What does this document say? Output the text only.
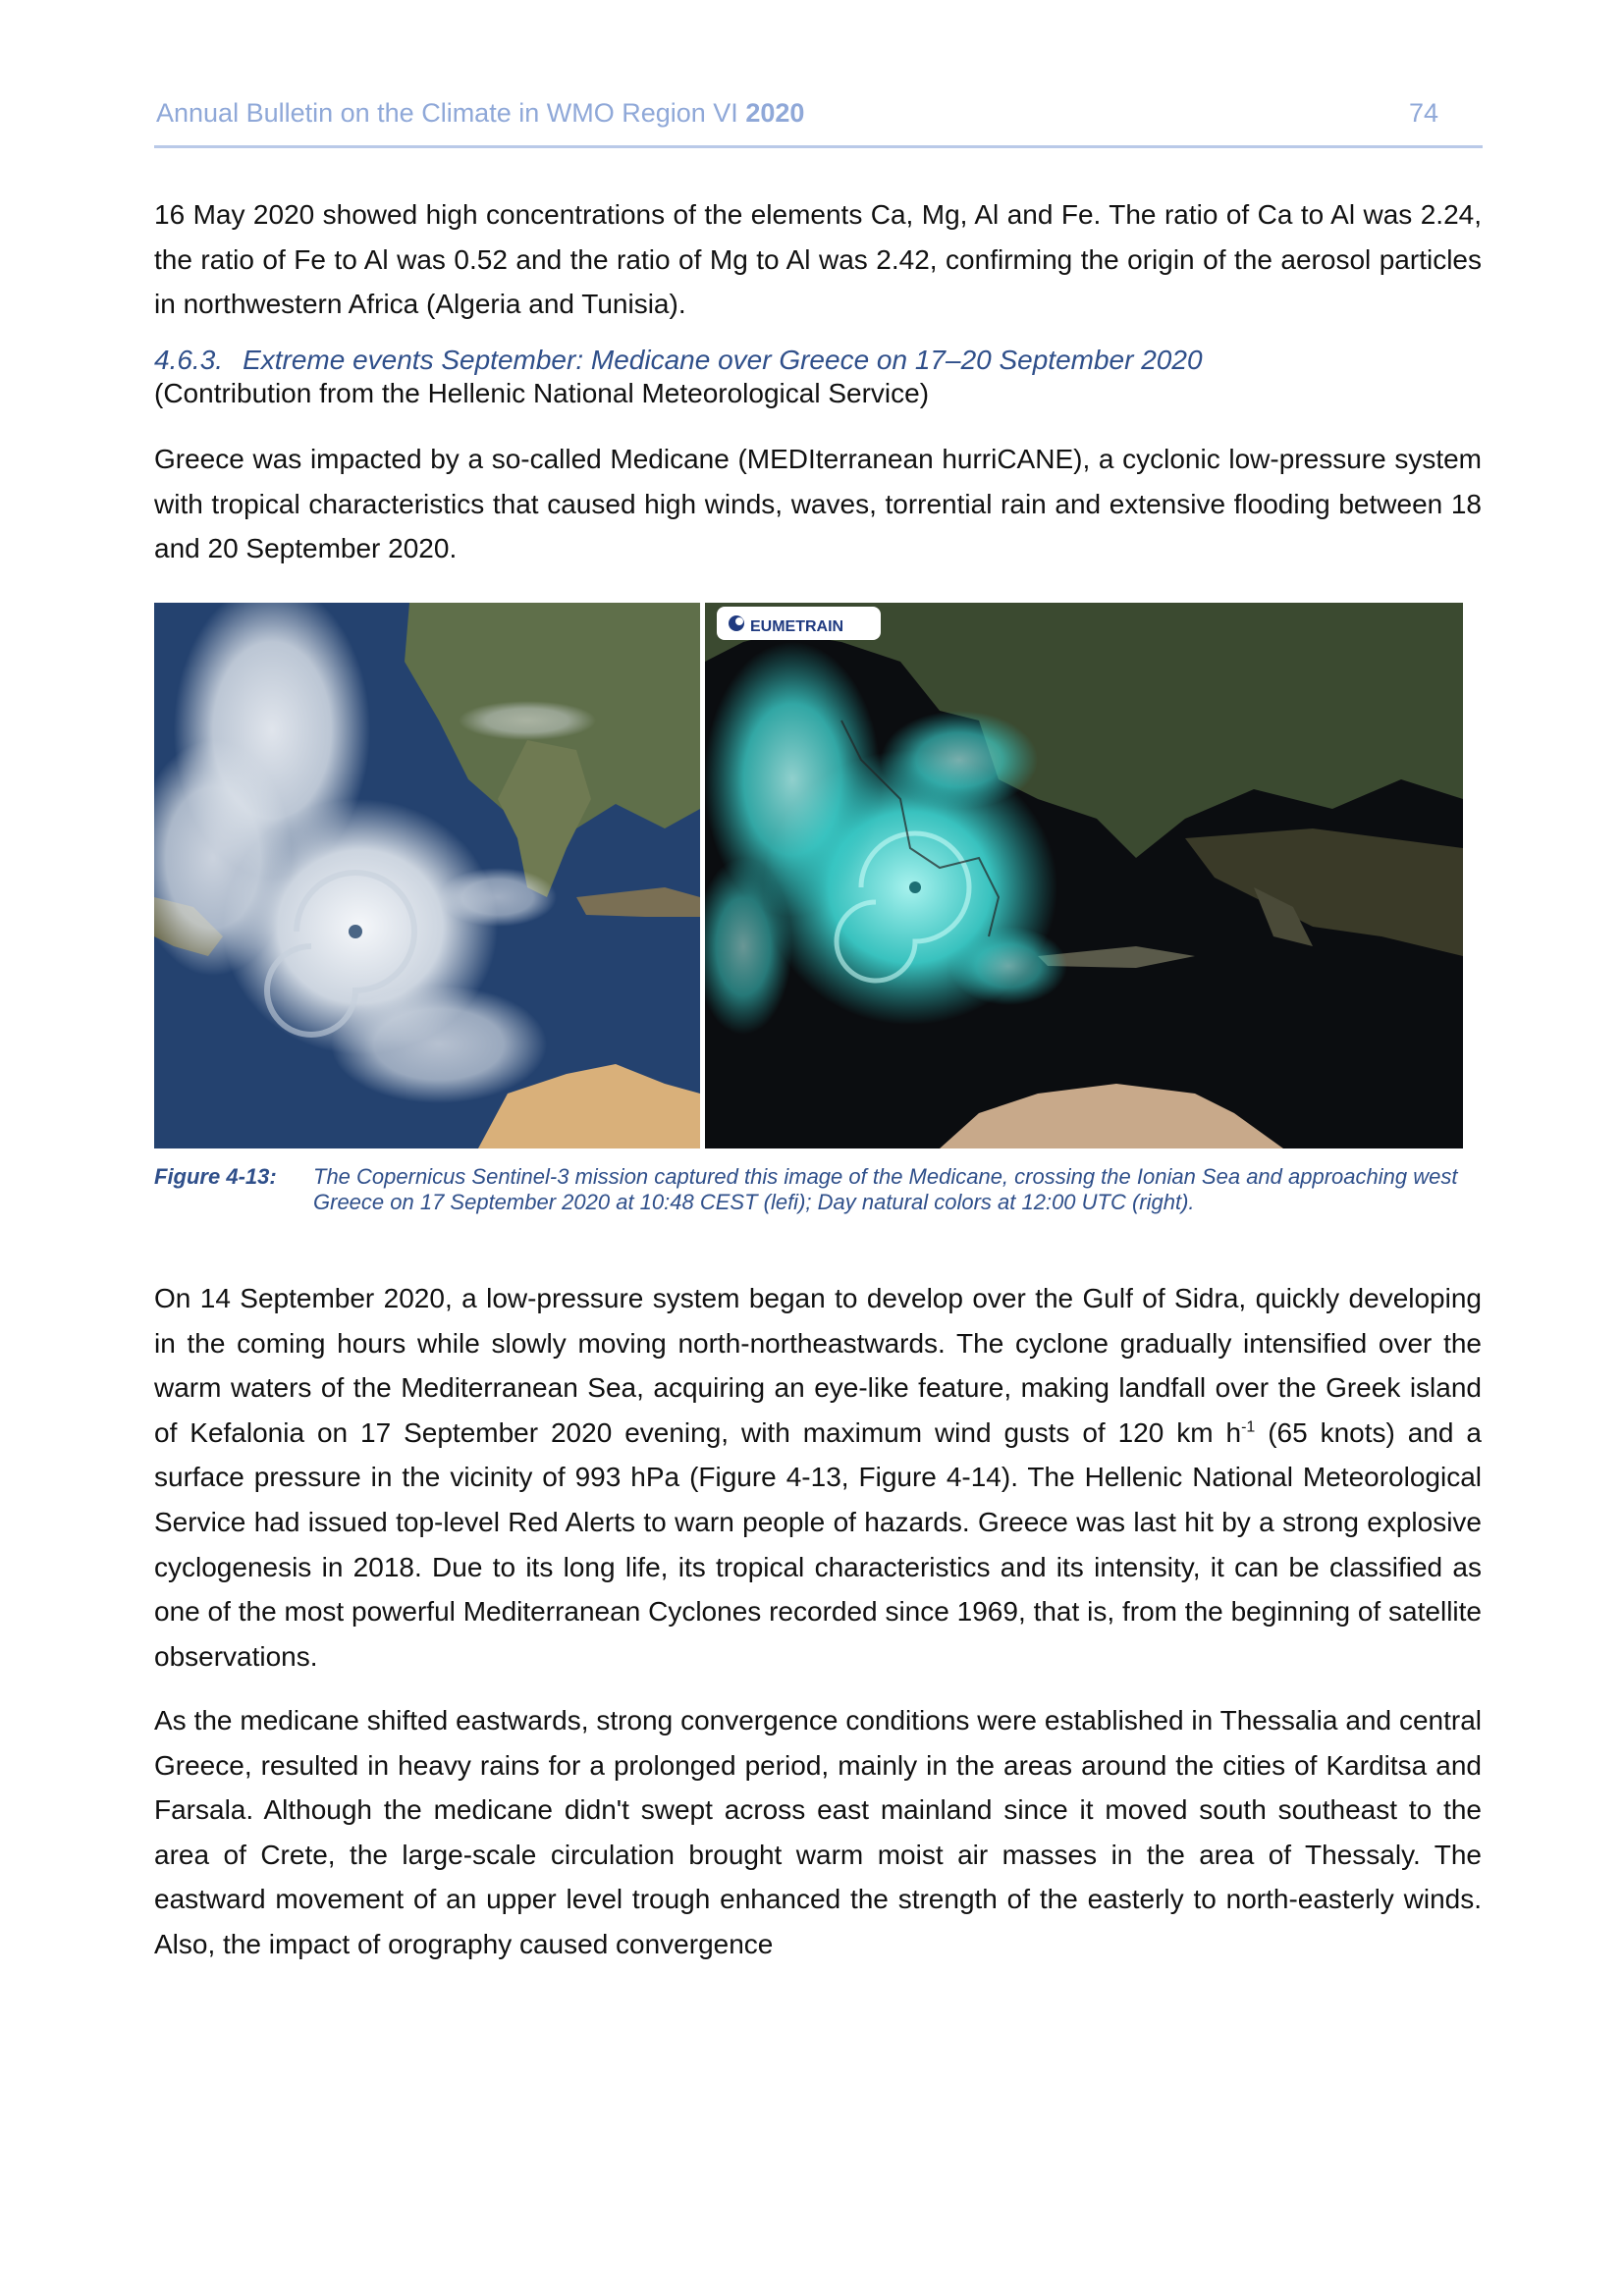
Annual Bulletin on the Climate in WMO Region VI 2020	74

16 May 2020 showed high concentrations of the elements Ca, Mg, Al and Fe. The ratio of Ca to Al was 2.24, the ratio of Fe to Al was 0.52 and the ratio of Mg to Al was 2.42, confirming the origin of the aerosol particles in northwestern Africa (Algeria and Tunisia).

4.6.3. Extreme events September: Medicane over Greece on 17–20 September 2020
(Contribution from the Hellenic National Meteorological Service)

Greece was impacted by a so-called Medicane (MEDIterranean hurriCANE), a cyclonic low-pressure system with tropical characteristics that caused high winds, waves, torrential rain and extensive flooding between 18 and 20 September 2020.

EUMETRAIN
Figure 4-13: The Copernicus Sentinel-3 mission captured this image of the Medicane, crossing the Ionian Sea and approaching west Greece on 17 September 2020 at 10:48 CEST (lefi); Day natural colors at 12:00 UTC (right).

On 14 September 2020, a low-pressure system began to develop over the Gulf of Sidra, quickly developing in the coming hours while slowly moving north-northeastwards. The cyclone gradually intensified over the warm waters of the Mediterranean Sea, acquiring an eye-like feature, making landfall over the Greek island of Kefalonia on 17 September 2020 evening, with maximum wind gusts of 120 km $h^{-1}$ (65 knots) and a surface pressure in the vicinity of 993 hPa (Figure 4-13, Figure 4-14). The Hellenic National Meteorological Service had issued top-level Red Alerts to warn people of hazards. Greece was last hit by a strong explosive cyclogenesis in 2018. Due to its long life, its tropical characteristics and its intensity, it can be classified as one of the most powerful Mediterranean Cyclones recorded since 1969, that is, from the beginning of satellite observations.

As the medicane shifted eastwards, strong convergence conditions were established in Thessalia and central Greece, resulted in heavy rains for a prolonged period, mainly in the areas around the cities of Karditsa and Farsala. Although the medicane didn't swept across east mainland since it moved south southeast to the area of Crete, the large-scale circulation brought warm moist air masses in the area of Thessaly. The eastward movement of an upper level trough enhanced the strength of the easterly to north-easterly winds. Also, the impact of orography caused convergence
